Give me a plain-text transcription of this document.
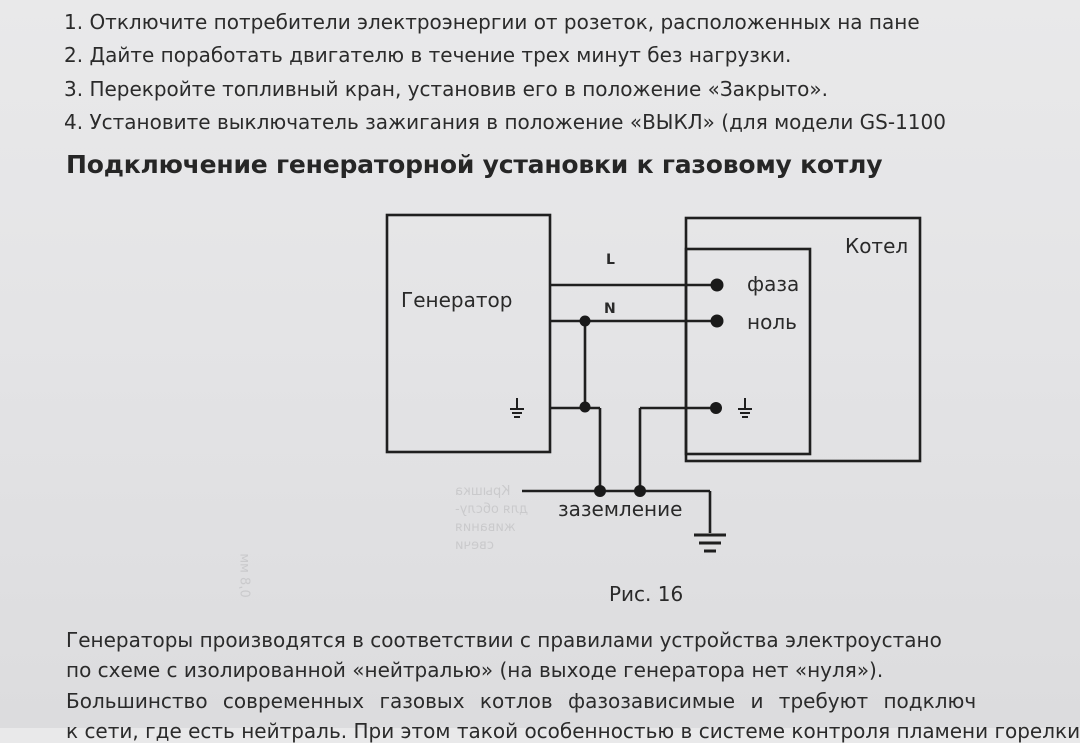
Крышка
для обслу-
живания
свечи
0,8 мм
1. Отключите потребители электроэнергии от розеток, расположенных на пане
2. Дайте поработать двигателю в течение трех минут без нагрузки.
3. Перекройте топливный кран, установив его в положение «Закрыто».
4. Установите выключатель зажигания в положение «ВЫКЛ» (для модели GS-1100
Подключение генераторной установки к газовому котлу
Генератор
Котел
L
N
фаза
ноль
заземление
Рис. 16
Генераторы производятся в соответствии с правилами устройства электроустано
по схеме с изолированной «нейтралью» (на выходе генератора нет «нуля»).
Большинство современных газовых котлов фазозависимые и требуют подключ
к сети, где есть нейтраль. При этом такой особенностью в системе контроля пламени горелки
